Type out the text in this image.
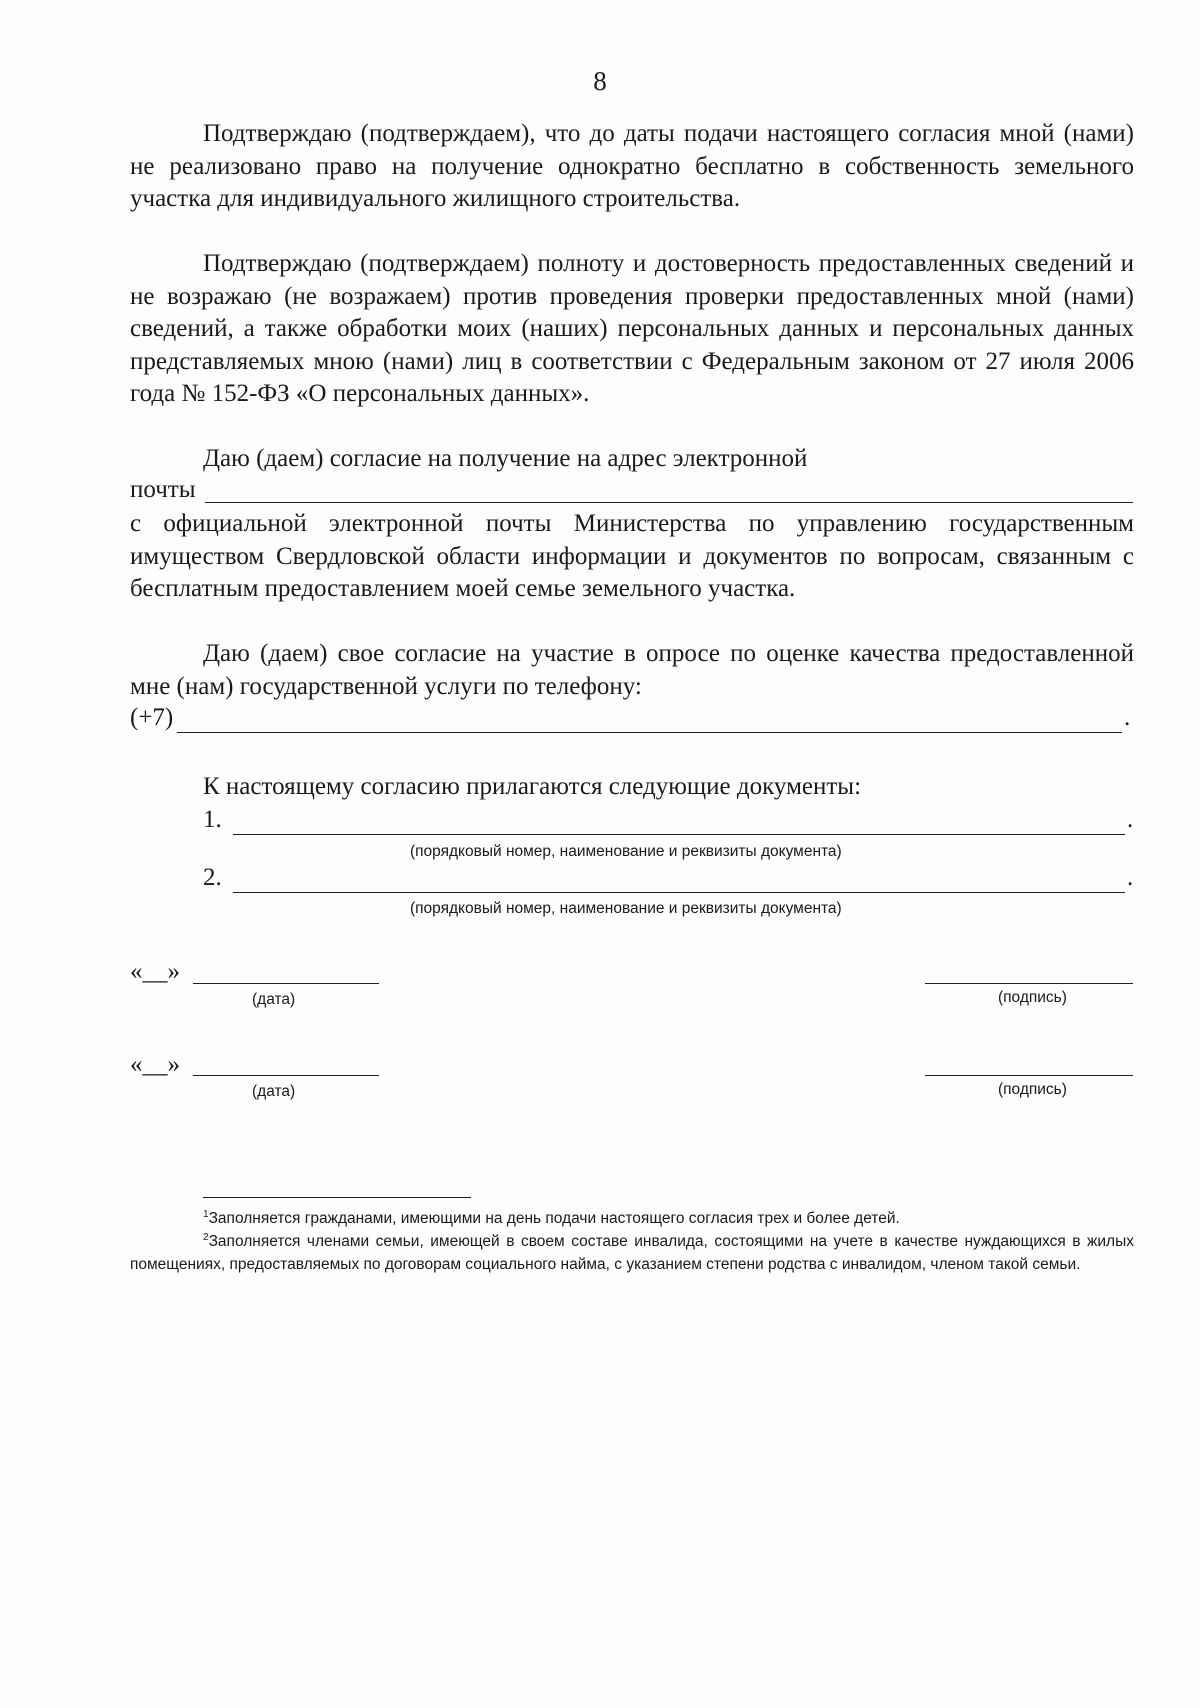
8

Подтверждаю (подтверждаем), что до даты подачи настоящего согласия мной (нами) не реализовано право на получение однократно бесплатно в собственность земельного участка для индивидуального жилищного строительства.

Подтверждаю (подтверждаем) полноту и достоверность предоставленных сведений и не возражаю (не возражаем) против проведения проверки предоставленных мной (нами) сведений, а также обработки моих (наших) персональных данных и персональных данных представляемых мною (нами) лиц в соответствии с Федеральным законом от 27 июля 2006 года № 152-ФЗ «О персональных данных».

Даю (даем) согласие на получение на адрес электронной

почты

с официальной электронной почты Министерства по управлению государственным имуществом Свердловской области информации и документов по вопросам, связанным с бесплатным предоставлением моей семье земельного участка.

Даю (даем) свое согласие на участие в опросе по оценке качества предоставленной мне (нам) государственной услуги по телефону:

(+7)	.
К настоящему согласию прилагаются следующие документы:
1.	.
(порядковый номер, наименование и реквизиты документа)
2.	.
(порядковый номер, наименование и реквизиты документа)
«__»
(дата)	(подпись)
«__»
(дата)	(подпись)

$^1$Заполняется гражданами, имеющими на день подачи настоящего согласия трех и более детей.

$^2$Заполняется членами семьи, имеющей в своем составе инвалида, состоящими на учете в качестве нуждающихся в жилых помещениях, предоставляемых по договорам социального найма, с указанием степени родства с инвалидом, членом такой семьи.
